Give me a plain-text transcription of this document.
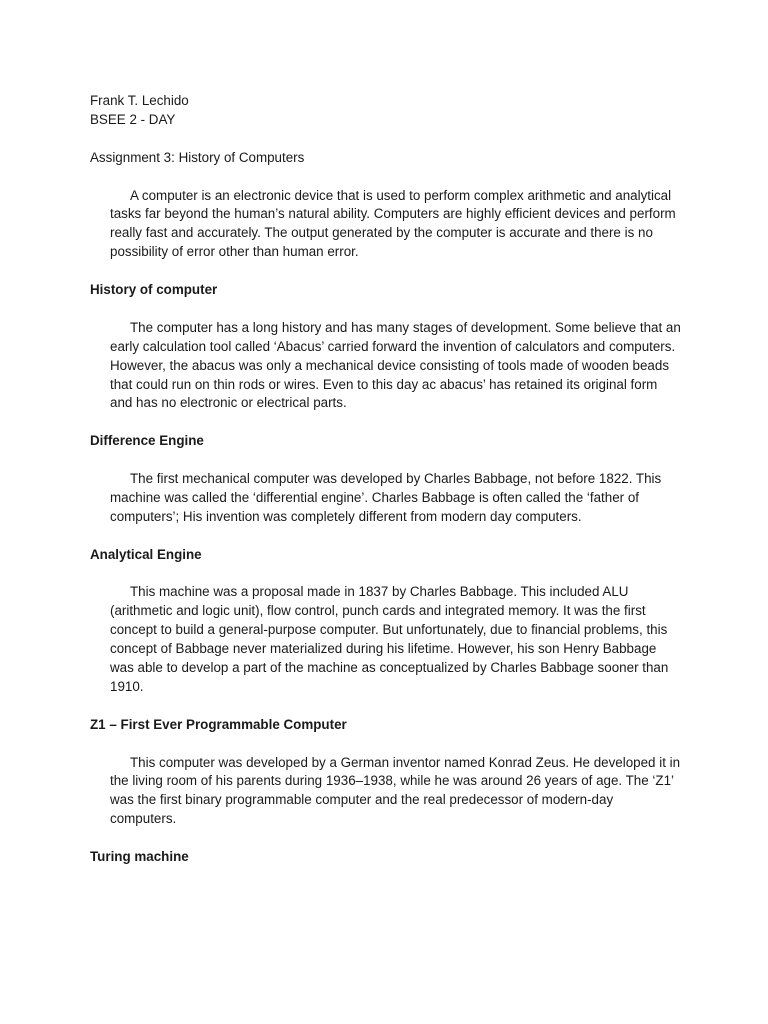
Frank T. Lechido

BSEE 2 - DAY

Assignment 3: History of Computers

A computer is an electronic device that is used to perform complex arithmetic and analytical
tasks far beyond the human’s natural ability. Computers are highly efficient devices and perform
really fast and accurately. The output generated by the computer is accurate and there is no
possibility of error other than human error.

History of computer

The computer has a long history and has many stages of development. Some believe that an
early calculation tool called ‘Abacus’ carried forward the invention of calculators and computers.
However, the abacus was only a mechanical device consisting of tools made of wooden beads
that could run on thin rods or wires. Even to this day ac abacus’ has retained its original form
and has no electronic or electrical parts.

Difference Engine

The first mechanical computer was developed by Charles Babbage, not before 1822. This
machine was called the ‘differential engine’. Charles Babbage is often called the ‘father of
computers’; His invention was completely different from modern day computers.

Analytical Engine

This machine was a proposal made in 1837 by Charles Babbage. This included ALU
(arithmetic and logic unit), flow control, punch cards and integrated memory. It was the first
concept to build a general-purpose computer. But unfortunately, due to financial problems, this
concept of Babbage never materialized during his lifetime. However, his son Henry Babbage
was able to develop a part of the machine as conceptualized by Charles Babbage sooner than
1910.

Z1 – First Ever Programmable Computer

This computer was developed by a German inventor named Konrad Zeus. He developed it in
the living room of his parents during 1936–1938, while he was around 26 years of age. The ‘Z1’
was the first binary programmable computer and the real predecessor of modern-day
computers.

Turing machine
